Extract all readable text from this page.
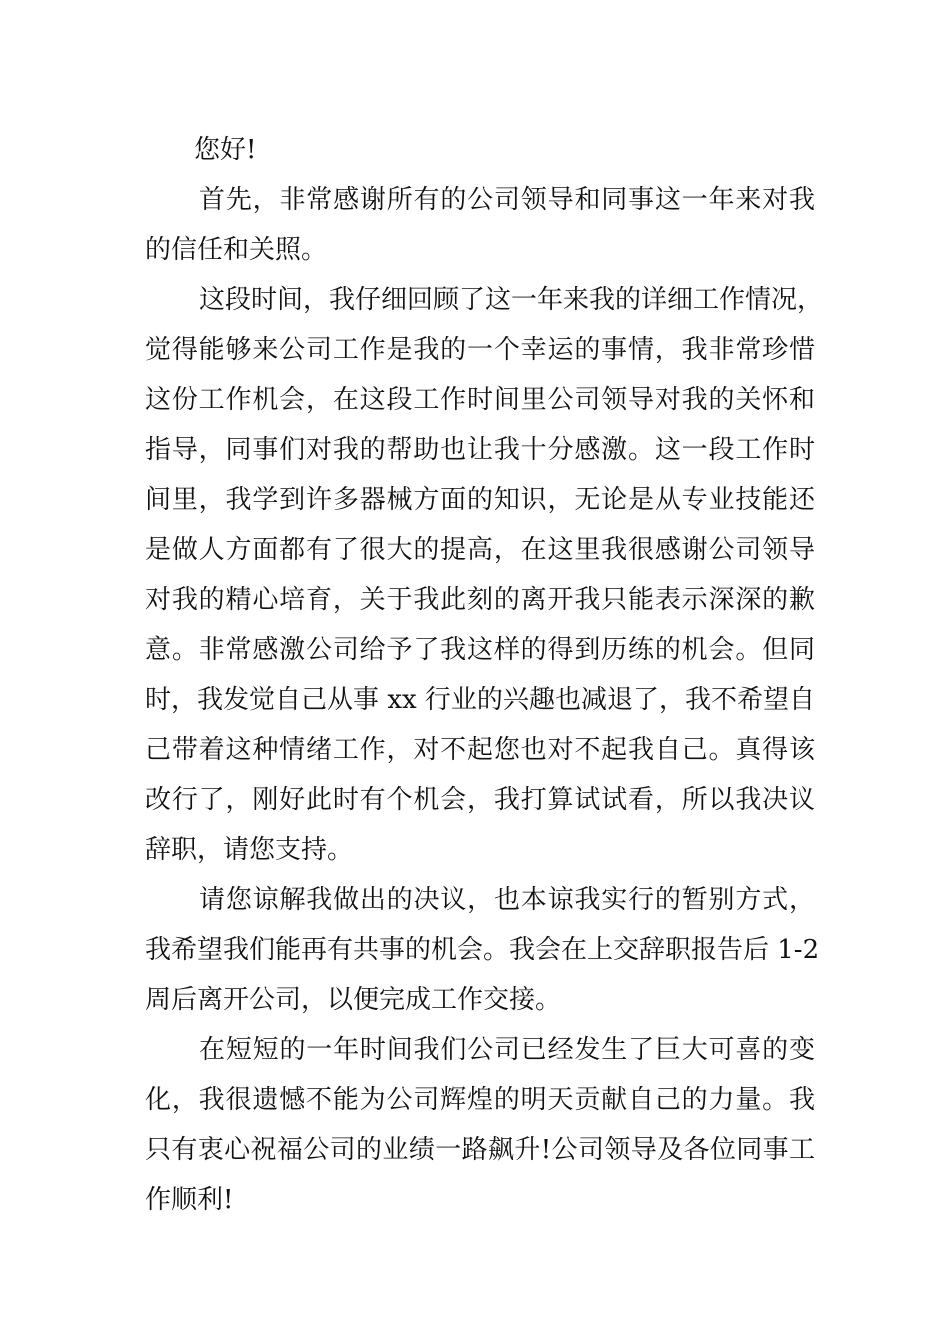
您好!

首先，非常感谢所有的公司领导和同事这一年来对我

的信任和关照。

这段时间，我仔细回顾了这一年来我的详细工作情况，

觉得能够来公司工作是我的一个幸运的事情，我非常珍惜

这份工作机会，在这段工作时间里公司领导对我的关怀和

指导，同事们对我的帮助也让我十分感激。这一段工作时

间里，我学到许多器械方面的知识，无论是从专业技能还

是做人方面都有了很大的提高，在这里我很感谢公司领导

对我的精心培育，关于我此刻的离开我只能表示深深的歉

意。非常感激公司给予了我这样的得到历练的机会。但同

时，我发觉自己从事 xx 行业的兴趣也减退了，我不希望自

己带着这种情绪工作，对不起您也对不起我自己。真得该

改行了，刚好此时有个机会，我打算试试看，所以我决议

辞职，请您支持。

请您谅解我做出的决议，也本谅我实行的暂别方式，

我希望我们能再有共事的机会。我会在上交辞职报告后 1-2

周后离开公司，以便完成工作交接。

在短短的一年时间我们公司已经发生了巨大可喜的变

化，我很遗憾不能为公司辉煌的明天贡献自己的力量。我

只有衷心祝福公司的业绩一路飙升!公司领导及各位同事工

作顺利!
